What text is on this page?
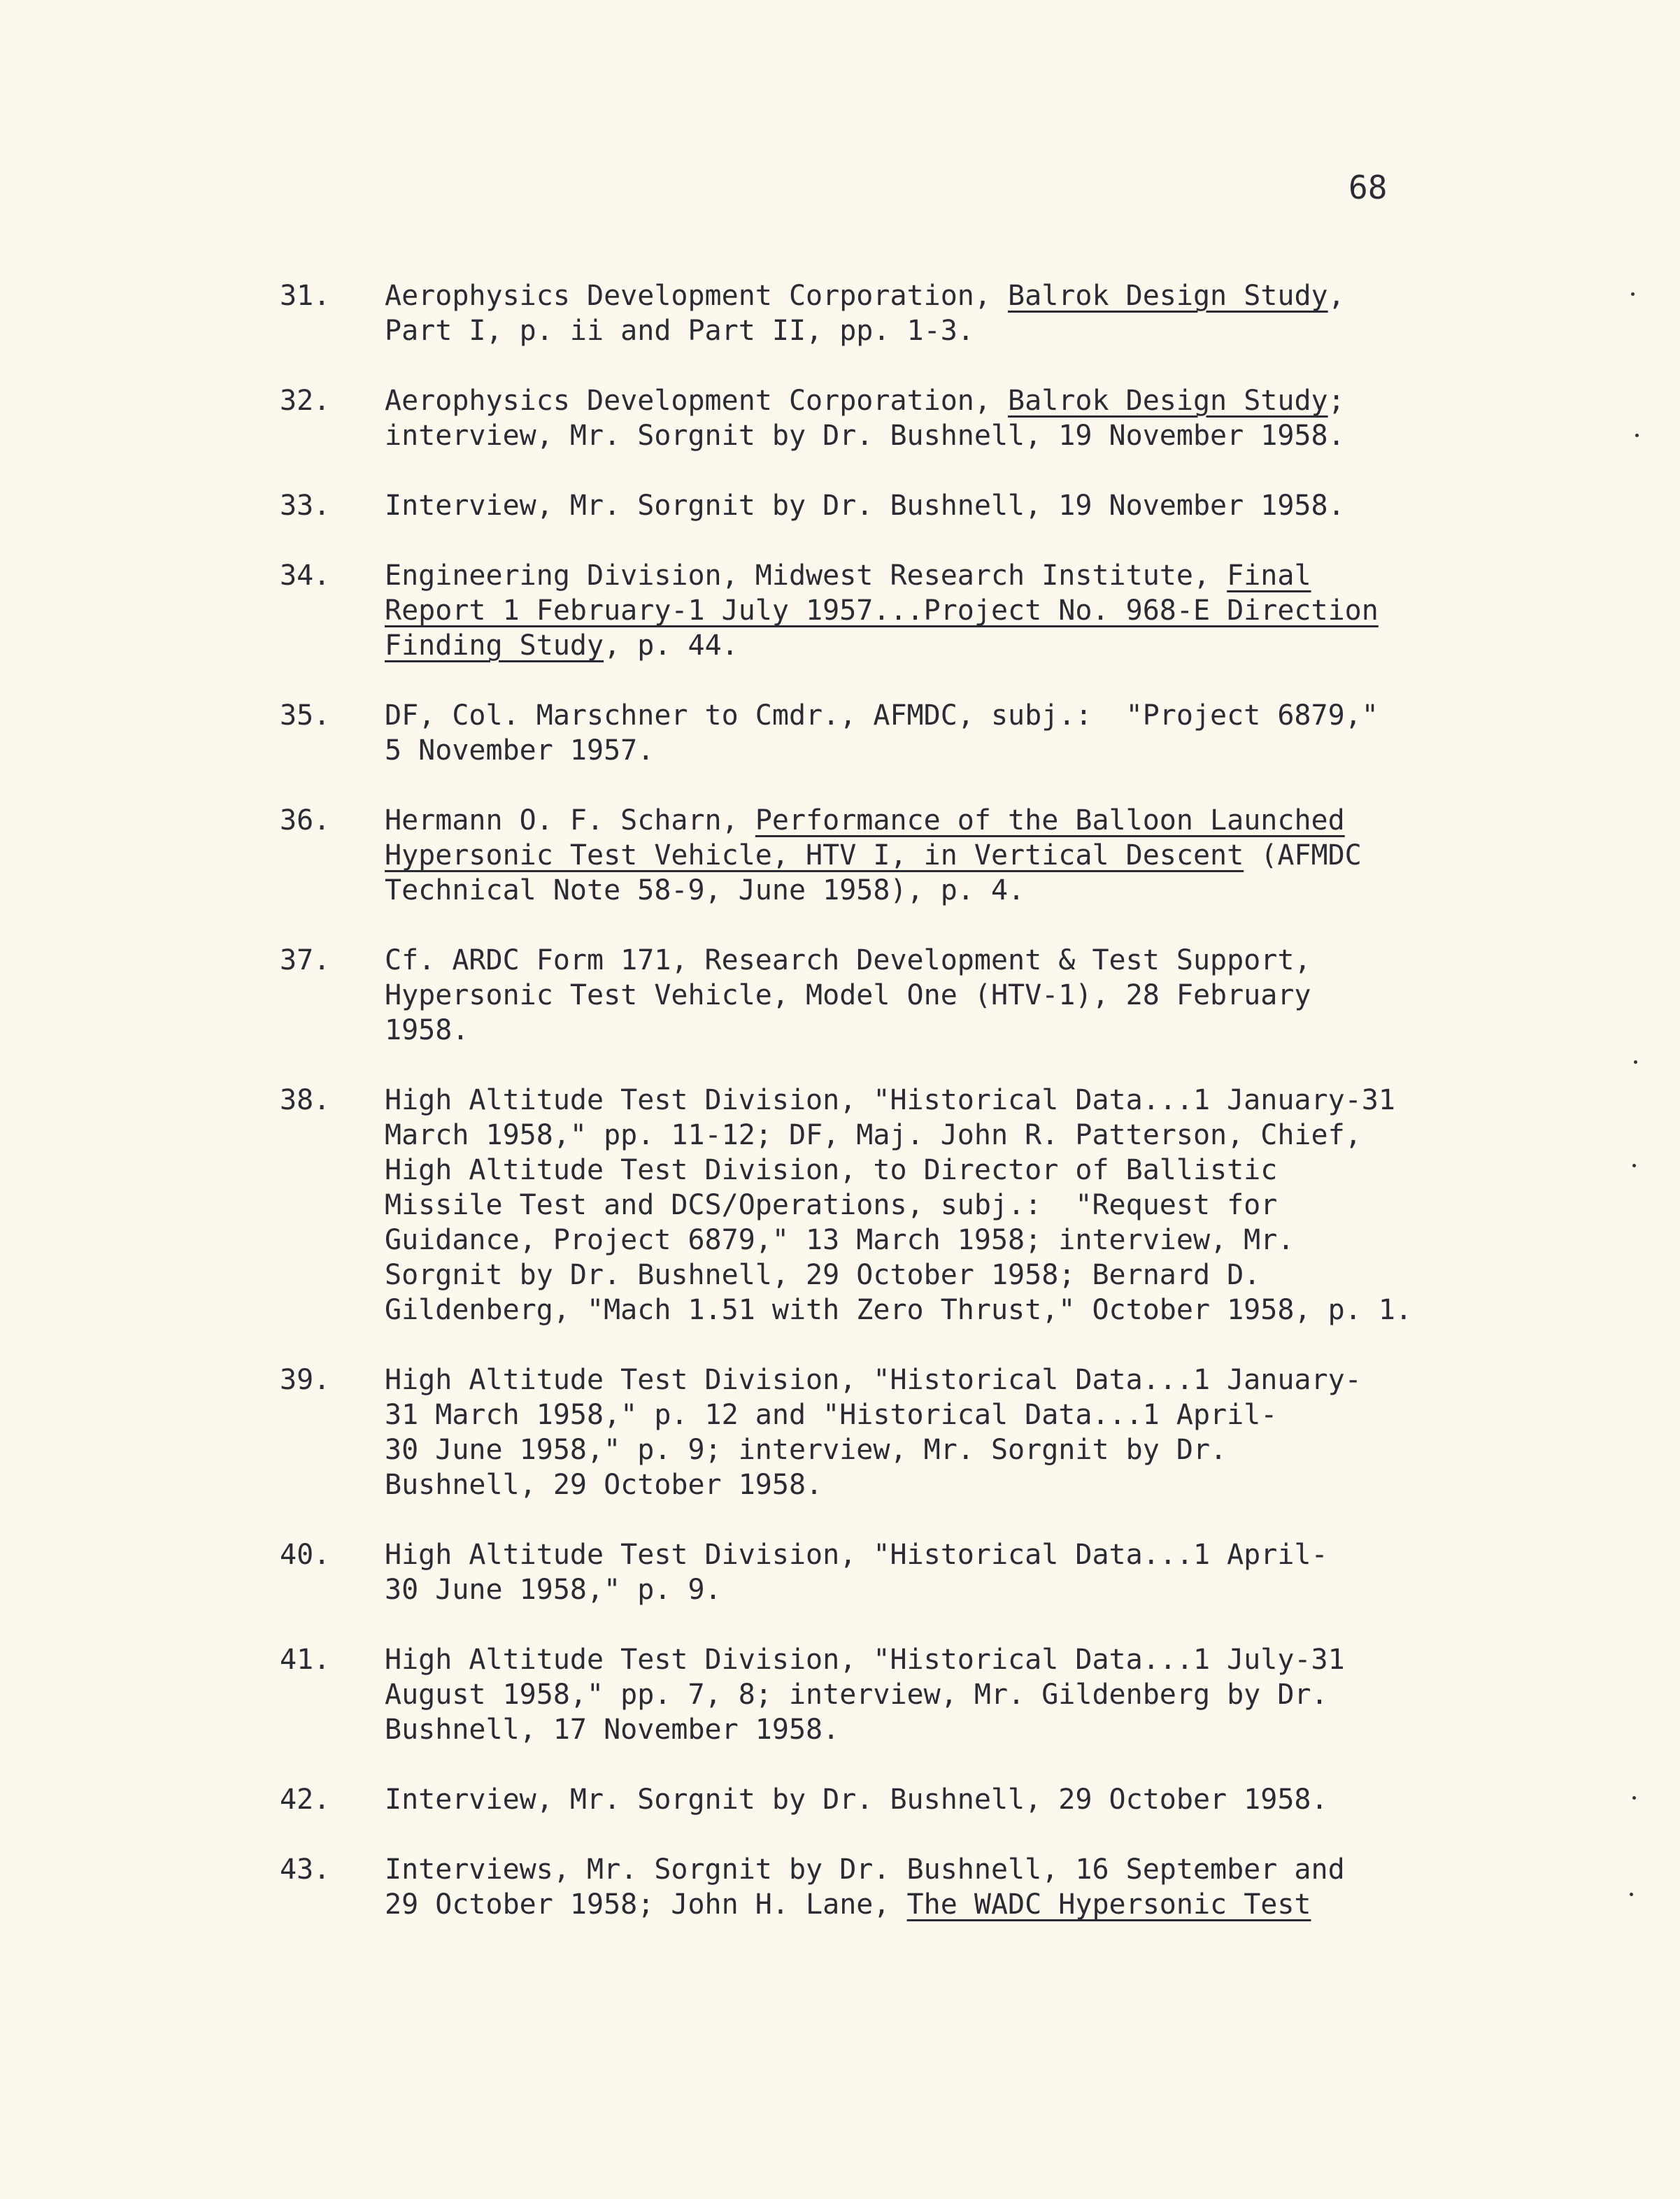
68
31. Aerophysics Development Corporation, Balrok Design Study,
Part I, p. ii and Part II, pp. 1-3.
32. Aerophysics Development Corporation, Balrok Design Study;
interview, Mr. Sorgnit by Dr. Bushnell, 19 November 1958.
33. Interview, Mr. Sorgnit by Dr. Bushnell, 19 November 1958.
34. Engineering Division, Midwest Research Institute, Final
Report 1 February-1 July 1957...Project No. 968-E Direction
Finding Study, p. 44.
35. DF, Col. Marschner to Cmdr., AFMDC, subj.:  "Project 6879,"
5 November 1957.
36. Hermann O. F. Scharn, Performance of the Balloon Launched
Hypersonic Test Vehicle, HTV I, in Vertical Descent (AFMDC
Technical Note 58-9, June 1958), p. 4.
37. Cf. ARDC Form 171, Research Development & Test Support,
Hypersonic Test Vehicle, Model One (HTV-1), 28 February
1958.
38. High Altitude Test Division, "Historical Data...1 January-31
March 1958," pp. 11-12; DF, Maj. John R. Patterson, Chief,
High Altitude Test Division, to Director of Ballistic
Missile Test and DCS/Operations, subj.:  "Request for
Guidance, Project 6879," 13 March 1958; interview, Mr.
Sorgnit by Dr. Bushnell, 29 October 1958; Bernard D.
Gildenberg, "Mach 1.51 with Zero Thrust," October 1958, p. 1.
39. High Altitude Test Division, "Historical Data...1 January-
31 March 1958," p. 12 and "Historical Data...1 April-
30 June 1958," p. 9; interview, Mr. Sorgnit by Dr.
Bushnell, 29 October 1958.
40. High Altitude Test Division, "Historical Data...1 April-
30 June 1958," p. 9.
41. High Altitude Test Division, "Historical Data...1 July-31
August 1958," pp. 7, 8; interview, Mr. Gildenberg by Dr.
Bushnell, 17 November 1958.
42. Interview, Mr. Sorgnit by Dr. Bushnell, 29 October 1958.
43. Interviews, Mr. Sorgnit by Dr. Bushnell, 16 September and
29 October 1958; John H. Lane, The WADC Hypersonic Test
